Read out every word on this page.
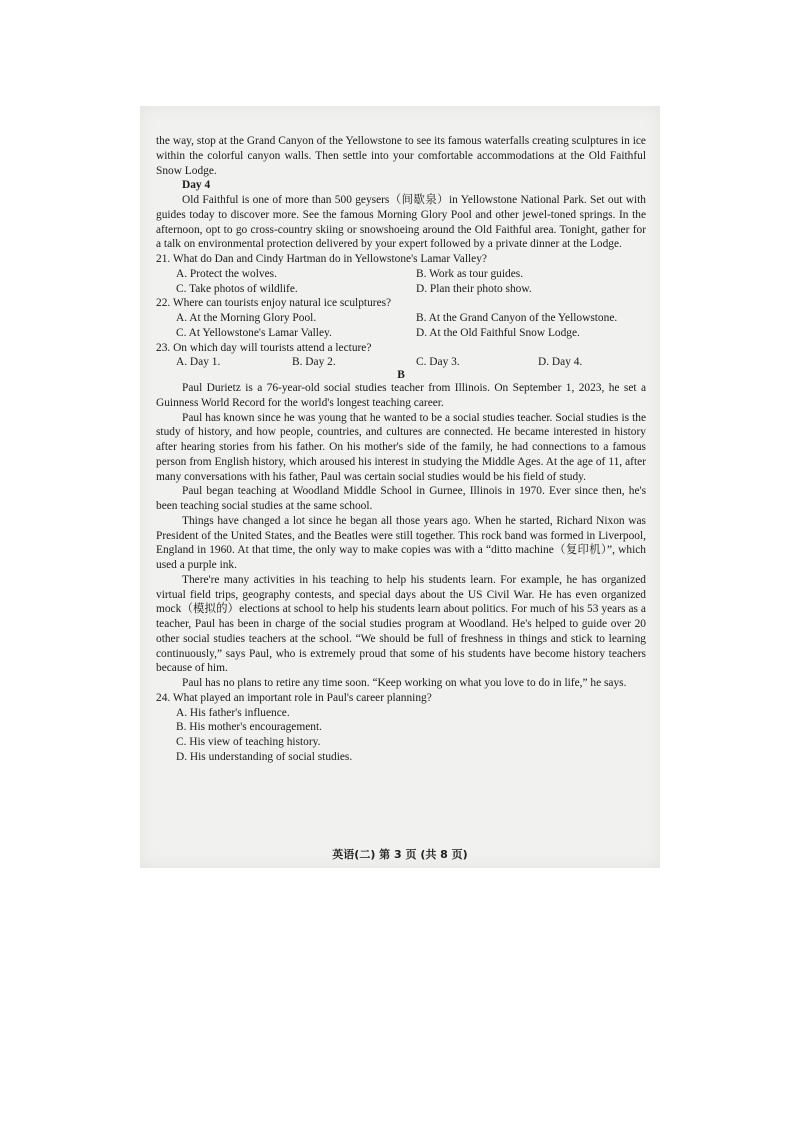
the way, stop at the Grand Canyon of the Yellowstone to see its famous waterfalls creating sculptures in ice within the colorful canyon walls. Then settle into your comfortable accommodations at the Old Faithful Snow Lodge.

Day 4

Old Faithful is one of more than 500 geysers（间歇泉）in Yellowstone National Park. Set out with guides today to discover more. See the famous Morning Glory Pool and other jewel-toned springs. In the afternoon, opt to go cross-country skiing or snowshoeing around the Old Faithful area. Tonight, gather for a talk on environmental protection delivered by your expert followed by a private dinner at the Lodge.

21. What do Dan and Cindy Hartman do in Yellowstone's Lamar Valley?

A. Protect the wolves.	B. Work as tour guides.
C. Take photos of wildlife.	D. Plan their photo show.

22. Where can tourists enjoy natural ice sculptures?

A. At the Morning Glory Pool.	B. At the Grand Canyon of the Yellowstone.
C. At Yellowstone's Lamar Valley.	D. At the Old Faithful Snow Lodge.

23. On which day will tourists attend a lecture?

A. Day 1.	B. Day 2.	C. Day 3.	D. Day 4.

B

Paul Durietz is a 76-year-old social studies teacher from Illinois. On September 1, 2023, he set a Guinness World Record for the world's longest teaching career.

Paul has known since he was young that he wanted to be a social studies teacher. Social studies is the study of history, and how people, countries, and cultures are connected. He became interested in history after hearing stories from his father. On his mother's side of the family, he had connections to a famous person from English history, which aroused his interest in studying the Middle Ages. At the age of 11, after many conversations with his father, Paul was certain social studies would be his field of study.

Paul began teaching at Woodland Middle School in Gurnee, Illinois in 1970. Ever since then, he's been teaching social studies at the same school.

Things have changed a lot since he began all those years ago. When he started, Richard Nixon was President of the United States, and the Beatles were still together. This rock band was formed in Liverpool, England in 1960. At that time, the only way to make copies was with a “ditto machine（复印机）”, which used a purple ink.

There're many activities in his teaching to help his students learn. For example, he has organized virtual field trips, geography contests, and special days about the US Civil War. He has even organized mock（模拟的）elections at school to help his students learn about politics. For much of his 53 years as a teacher, Paul has been in charge of the social studies program at Woodland. He's helped to guide over 20 other social studies teachers at the school. “We should be full of freshness in things and stick to learning continuously,” says Paul, who is extremely proud that some of his students have become history teachers because of him.

Paul has no plans to retire any time soon. “Keep working on what you love to do in life,” he says.

24. What played an important role in Paul's career planning?

A. His father's influence.
B. His mother's encouragement.
C. His view of teaching history.
D. His understanding of social studies.
英语(二) 第 3 页 (共 8 页)
